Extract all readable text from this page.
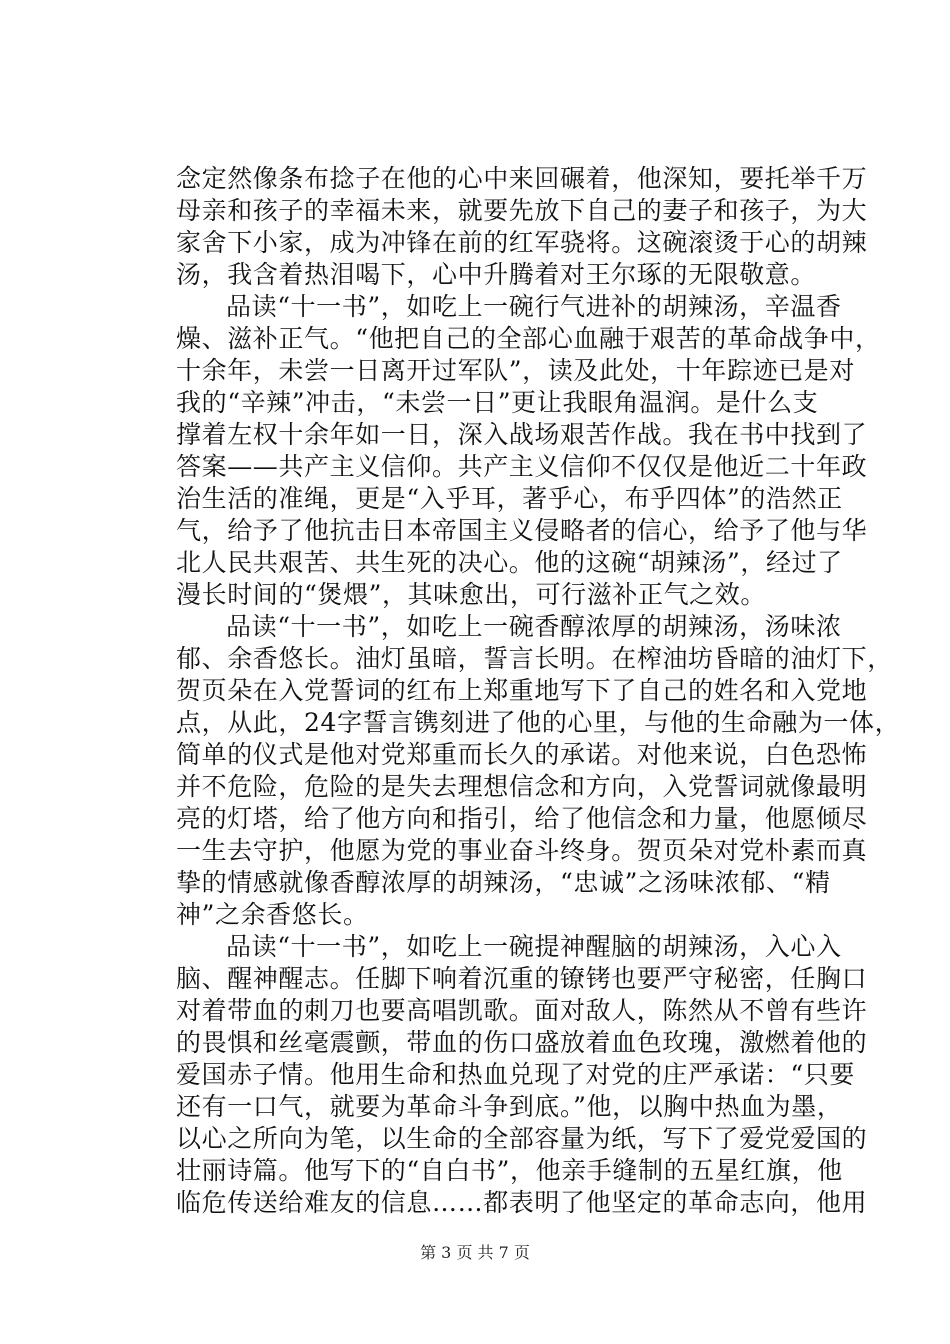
念定然像条布捻子在他的心中来回碾着，他深知，要托举千万
母亲和孩子的幸福未来，就要先放下自己的妻子和孩子，为大
家舍下小家，成为冲锋在前的红军骁将。这碗滚烫于心的胡辣
汤，我含着热泪喝下，心中升腾着对王尔琢的无限敬意。
品读“十一书”，如吃上一碗行气进补的胡辣汤，辛温香
燥、滋补正气。“他把自己的全部心血融于艰苦的革命战争中，
十余年，未尝一日离开过军队”，读及此处，十年踪迹已是对
我的“辛辣”冲击，“未尝一日”更让我眼角温润。是什么支
撑着左权十余年如一日，深入战场艰苦作战。我在书中找到了
答案——共产主义信仰。共产主义信仰不仅仅是他近二十年政
治生活的准绳，更是“入乎耳，著乎心，布乎四体”的浩然正
气，给予了他抗击日本帝国主义侵略者的信心，给予了他与华
北人民共艰苦、共生死的决心。他的这碗“胡辣汤”，经过了
漫长时间的“煲煨”，其味愈出，可行滋补正气之效。
品读“十一书”，如吃上一碗香醇浓厚的胡辣汤，汤味浓
郁、余香悠长。油灯虽暗，誓言长明。在榨油坊昏暗的油灯下，
贺页朵在入党誓词的红布上郑重地写下了自己的姓名和入党地
点，从此，24字誓言镌刻进了他的心里，与他的生命融为一体，
简单的仪式是他对党郑重而长久的承诺。对他来说，白色恐怖
并不危险，危险的是失去理想信念和方向，入党誓词就像最明
亮的灯塔，给了他方向和指引，给了他信念和力量，他愿倾尽
一生去守护，他愿为党的事业奋斗终身。贺页朵对党朴素而真
挚的情感就像香醇浓厚的胡辣汤，“忠诚”之汤味浓郁、“精
神”之余香悠长。
品读“十一书”，如吃上一碗提神醒脑的胡辣汤，入心入
脑、醒神醒志。任脚下响着沉重的镣铐也要严守秘密，任胸口
对着带血的刺刀也要高唱凯歌。面对敌人，陈然从不曾有些许
的畏惧和丝毫震颤，带血的伤口盛放着血色玫瑰，激燃着他的
爱国赤子情。他用生命和热血兑现了对党的庄严承诺：“只要
还有一口气，就要为革命斗争到底。”他，以胸中热血为墨，
以心之所向为笔，以生命的全部容量为纸，写下了爱党爱国的
壮丽诗篇。他写下的“自白书”，他亲手缝制的五星红旗，他
临危传送给难友的信息……都表明了他坚定的革命志向，他用
第 3 页 共 7 页
